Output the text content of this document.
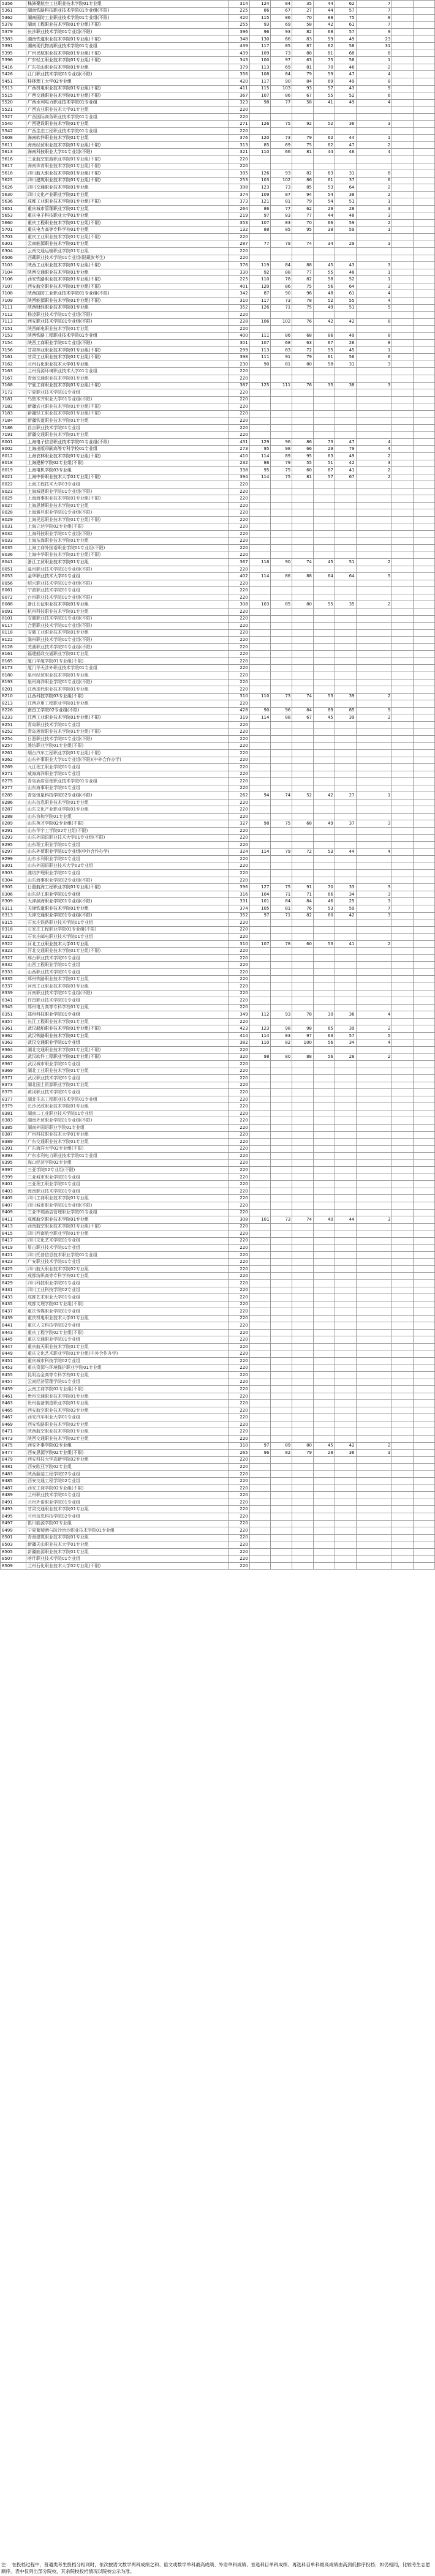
5356	株洲聚航空工业职业技术学院01专业组	314	124	84	35	44	62	7		
5361	湖南铁路科技职业技术学院01专业组(不限)	225	86	67	27	44	57	7		
5362	湖南国防工业职业技术学院01专业组(不限)	420	115	86	70	88	75	8		
5378	湖南工程职业技术学院01专业组(不限)	255	93	69	58	42	61	7		
5379	长沙职业技术学院01专业组(不限)	396	96	93	82	68	57	9		
5383	湖南铁道职业技术学院01专业组(不限)	348	130	66	83	59	49	23		
5391	湖南现代物流职业技术学院01专业组	439	117	85	87	62	58	31		
5395	广州民航职业技术学院01专业组(不限)	439	109	73	88	81	68	8		
5396	广东轻工职业技术学院01专业组(不限)	343	100	97	63	75	56	1		
5416	广东松山职业技术学院01专业组	379	113	69	81	70	46	2		
5426	江门职业技术学院01专业组(不限)	356	108	84	79	59	47	4		
5451	桂林理工大学02专业组	420	117	90	84	69	49	8		
5513	广西机电职业技术学院01专业组(不限)	411	115	103	93	57	43	9		
5515	广西交通职业技术学院01专业组(不限)	367	107	86	67	55	52	6		
5520	广西水利电力职业技术学院01专业组	323	98	77	58	41	49	4		
5521	广西农业职业技术大学01专业组	220								
5527	广西国际商务职业技术学院01专业组	220								
5540	广西建设职业技术学院01专业组	271	126	75	92	52	36	3		
5542	广西生态工程职业技术学院01专业组	220								
5608	海南软件职业技术学院01专业组	376	120	73	79	62	44	1		
5611	海南经贸职业技术学院01专业组(不限)	313	85	69	75	62	47	2		
5613	海南科技职业大学01专业组(不限)	321	110	66	81	44	46	4		
5616	三亚航空旅游职业学院01专业组(不限)	220								
5617	海南体育职业技术学院01专业组(不限)	220								
5618	四川航天职业技术学院01专业组(不限)	395	126	93	82	63	31	8		
5625	四川建筑职业技术学院01专业组(不限)	253	103	102	86	61	37	6		
5626	四川交通职业技术学院01专业组	398	123	73	85	53	64	2		
5630	四川文化产业职业学院01专业组	374	109	87	94	54	38	2		
5636	成都工业职业技术学院01专业组(不限)	373	121	81	79	54	51	1		
5651	重庆城市管理职业学院01专业组	264	86	77	62	29	28	3		
5653	重庆电子科技职业大学01专业组	219	97	83	77	44	48	3		
5660	重庆工程职业技术学院01专业组(不限)	353	107	83	70	66	59	2		
5701	重庆电力高等专科学校01专业组	132	88	85	95	38	59	1		
5703	重庆工业职业技术学院01专业组(不限)	220								
6301	云南能源职业技术学院01专业组	287	77	79	74	34	29	3		
6304	云南交通运输职业学院01专业组	220								
6506	西藏职业技术学院01专业组(限藏族考生)	220								
7103	陕西工业职业技术学院01专业组(不限)	376	119	84	88	45	43	3		
7104	陕西交通职业技术学院01专业组	330	92	88	77	55	48	1		
7106	西安铁路职业技术学院01专业组(不限)	225	110	78	82	58	52	1		
7107	西安航空职业技术学院01专业组(不限)	401	120	86	75	56	64	3		
7108	陕西国防工业职业技术学院01专业组(不限)	342	87	90	96	48	61	4		
7109	陕西能源职业技术学院01专业组(不限)	310	117	73	78	52	55	4		
7111	陕西财经职业技术学院01专业组	352	126	71	75	49	51	5		
7112	杨凌职业技术学院01专业组(不限)	220								
7113	西安职业技术学院01专业组(不限)	228	106	102	76	42	42	8		
7151	陕西邮电职业技术学院01专业组	220								
7153	陕西铁路工程职业技术学院01专业组	400	111	86	68	86	49	8		
7154	陕西工商职业学院01专业组(不限)	301	107	68	63	67	26	8		
7156	甘肃林业职业技术学院01专业组(不限)	299	113	83	72	55	45	1		
7161	甘肃工业职业技术学院01专业组(不限)	398	111	91	79	61	56	6		
7162	兰州石化职业技术大学01专业组	230	90	81	80	58	31	3		
7163	兰州资源环境职业技术大学01专业组	220								
7167	青海交通职业技术学院01专业组	220								
7168	宁夏工商职业技术学院01专业组(不限)	387	125	111	76	35	38	3		
7172	宁夏职业技术学院01专业组	220								
7181	乌鲁木齐职业大学01专业组(不限)	220								
7182	新疆农业职业技术学院01专业组(不限)	220								
7183	新疆轻工职业技术学院01专业组(不限)	220								
7184	新疆铁道职业技术学院01专业组	220								
7186	昌吉职业技术学院01专业组	220								
7191	新疆交通职业技术学院01专业组	220								
8001	上海电子信息职业技术学院01专业组(不限)	431	129	96	86	73	47	4		
8002	上海出版印刷高等专科学校01专业组	273	95	98	66	29	79	4		
8012	上海农林职业技术学院01专业组(不限)	410	114	89	95	63	49	2		
8018	上海建桥学院02专业组(不限)	232	86	79	55	51	42	3		
8019	上海电机学院03专业组	338	95	75	60	67	41	2		
8021	上海中侨职业技术大学01专业组(不限)	394	114	75	81	57	67	2		
8022	上海工程技术大学03专业组	220								
8023	上海城建职业学院01专业组(不限)	220								
8025	上海海事职业技术学院01专业组(不限)	220								
8027	上海思博职业技术学院01专业组	220								
8028	上海震旦职业学院01专业组(不限)	220								
8029	上海民远职业技术学院01专业组(不限)	220								
8031	上海立达学院02专业组(不限)	220								
8032	上海科技职业学院01专业组(不限)	220								
8033	上海东海职业技术学院01专业组	220								
8035	上海工商外国语职业学院01专业组(不限)	220								
8036	上海中华职业技术学院01专业组(不限)	220								
8041	浙江工贸职业技术学院01专业组	367	116	90	74	45	51	2		
8051	温州职业技术学院01专业组(不限)	220								
8053	金华职业技术大学01专业组	402	114	86	88	64	64	5		
8056	绍兴职业技术学院01专业组(不限)	220								
8061	宁波职业技术学院01专业组	220								
8072	台州职业技术学院01专业组(不限)	220								
8088	浙江长征职业技术学院01专业组	308	103	85	80	55	35	2		
8091	杭州科技职业技术学院01专业组	220								
8101	安徽职业技术学院01专业组(不限)	220								
8117	合肥职业技术学院01专业组(不限)	220								
8118	安徽工业职业技术学院01专业组	220								
8122	滁州职业技术学院01专业组(不限)	220								
8128	芜湖职业技术学院01专业组(不限)	220								
8161	福建船政交通职业学院01专业组	220								
8165	厦门华厦学院01专业组(不限)	220								
8173	厦门华天涉外职业技术学院01专业组	220								
8180	泉州经贸职业技术学院01专业组	220								
8193	泉州海洋职业学院01专业组(不限)	220								
8201	江西现代职业技术学院01专业组	220								
8210	江西科技学院03专业组(不限)	310	110	73	74	53	39	2		
8213	江西应用工程职业学院01专业组	220								
8226	南昌工学院02专业组(不限)	428	90	96	84	89	85	9		
8233	江西工业职业技术学院01专业组(不限)	319	114	88	67	45	39	2		
8251	青岛职业技术学院01专业组	220								
8252	青岛港湾职业技术学院01专业组(不限)	220								
8254	日照职业技术学院01专业组(不限)	220								
8257	潍坊职业学院01专业组(不限)	220								
8261	烟台汽车工程职业学院01专业组(不限)	220								
8262	山东外事职业大学01专业组(不限)(中外合作办学)	220								
8269	九江理工职业学院01专业组	220								
8271	威海海洋职业学院01专业组	220								
8275	青岛酒店管理职业技术学院01专业组	220								
8277	山东海事职业学院01专业组	220								
8285	青岛恒星科技学院02专业组(不限)	262	94	74	52	42	27	1		
8286	山东信息职业技术学院01专业组	220								
8287	山东文化产业职业学院01专业组	220								
8288	山东协和学院01专业组	220								
8289	山东英才学院02专业组(不限)	327	98	75	68	49	37	3		
8291	山东华宇工学院02专业组(不限)	220								
8293	山东外国语职业技术大学01专业组(不限)	220								
8295	山东理工职业学院01专业组	220								
8297	山东外贸职业学院01专业组(中外合作办学)	324	114	79	72	53	44	4		
8299	山东水利职业学院01专业组	220								
8301	山东外国语职业技术大学02专业组	220								
8303	潍坊护理职业学院01专业组	220								
8304	山东海事职业学院02专业组(不限)	220								
8305	日照航海工程职业学院01专业组(不限)	396	127	75	91	70	33	3		
8306	山东轻工职业学院01专业组	316	104	71	71	66	34	3		
8309	天津滨海职业学院01专业组(不限)	331	101	84	84	46	25	3		
8311	天津铁道职业技术学院01专业组	374	105	81	76	53	59	7		
8313	天津交通职业学院01专业组(不限)	352	97	71	82	60	42	3		
8315	石家庄铁路职业技术学院01专业组	220								
8318	石家庄工程职业学院01专业组(不限)	220								
8321	石家庄邮电职业技术学院01专业组	220								
8322	河北工业职业技术大学01专业组	310	107	78	60	53	41	2		
8323	河北交通职业技术学院01专业组(不限)	220								
8327	邢台职业技术学院01专业组	220								
8332	山西工程职业学院01专业组	220								
8333	山西职业技术学院01专业组	220								
8335	郑州铁路职业技术学院01专业组	220								
8337	河南工业职业技术学院01专业组	220								
8339	河南职业技术学院01专业组(不限)	220								
8341	许昌职业技术学院01专业组	220								
8345	郑州电力高等专科学校01专业组	220								
8351	郑州科技职业学院01专业组	349	112	93	78	30	36	4		
8357	长江工程职业技术学院01专业组	220								
8361	武汉船舶职业技术学院01专业组(不限)	423	123	98	98	65	39	2		
8362	武汉铁路职业技术学院01专业组	414	114	83	97	63	57	5		
8363	武汉交通职业学院01专业组	382	110	82	100	56	34	4		
8364	湖北交通职业技术学院01专业组(不限)	220								
8365	武汉软件工程职业学院01专业组(不限)	320	98	80	88	56	28	2		
8367	武汉城市职业学院01专业组	220								
8369	湖北工业职业技术学院01专业组	220								
8371	武汉职业技术学院01专业组	220								
8373	湖北国土资源职业学院01专业组	220								
8375	黄冈职业技术学院01专业组	220								
8377	湖北生态工程职业技术学院01专业组	220								
8379	长沙民政职业技术学院01专业组	220								
8381	湖南二工业职业技术学院01专业组	220								
8383	湖南外贸职业学院01专业组(不限)	220								
8385	湖南外国语职业学院01专业组	220								
8387	广州科技职业技术大学01专业组	220								
8389	广东交通职业技术学院01专业组	220								
8391	广东海洋大学02专业组(不限)	220								
8393	广东水利电力职业技术学院01专业组	220								
8395	海口经济学院02专业组	220								
8397	三亚学院02专业组(不限)	220								
8399	三亚城市职业学院01专业组	220								
8401	三亚理工职业学院01专业组	220								
8403	海南职业技术学院01专业组	220								
8405	四川工商职业技术学院01专业组	220								
8407	四川城市职业学院01专业组(不限)	220								
8409	三亚中瑞酒店管理职业学院01专业组	220								
8411	成都航空职业技术学院01专业组	308	101	73	74	40	44	3		
8413	西南航空职业技术学院01专业组(不限)	220								
8415	四川西南航空职业学院01专业组	220								
8417	四川文化艺术学院01专业组	220								
8419	眉山职业技术学院01专业组	220								
8421	四川托普信息技术职业学院01专业组	220								
8423	广安职业技术学院01专业组	220								
8425	四川航天职业技术学院02专业组	220								
8427	成都纺织高等专科学校01专业组	220								
8429	四川科技职业学院01专业组	220								
8431	四川工业科技学院02专业组	220								
8433	成都艺术职业大学01专业组	220								
8435	成都文理学院02专业组(不限)	220								
8437	重庆传媒职业学院01专业组	220								
8439	重庆机电职业技术大学01专业组	220								
8441	重庆人文科技学院02专业组	220								
8443	重庆工程学院02专业组(不限)	220								
8445	重庆交通职业学院01专业组	220								
8447	重庆航天职业技术学院01专业组	220								
8449	重庆文化艺术职业学院01专业组(中外合作办学)	220								
8451	重庆城市科技学院02专业组	220								
8453	重庆资源与环境保护职业学院01专业组	220								
8455	昆明冶金高等专科学校01专业组	220								
8457	云南经济管理学院01专业组	220								
8459	云南工商学院02专业组(不限)	220								
8461	贵州交通职业技术学院01专业组	220								
8463	贵州装备制造职业学院01专业组	220								
8465	西安航空职业技术学院02专业组	220								
8467	西安汽车职业大学01专业组	220								
8469	西安铁路职业技术学院02专业组	220								
8471	陕西航空职业技术学院01专业组	220								
8473	陕西交通职业技术学院02专业组	220								
8475	西安外事学院02专业组	310	97	89	80	45	42	2		
8477	西安思源学院02专业组(不限)	265	96	82	79	28	36	3		
8479	西安科技大学高新学院02专业组	220								
8481	西安欧亚学院02专业组	220								
8483	陕西服装工程学院02专业组	220								
8485	西安交通工程学院02专业组	220								
8487	西安工商学院02专业组(不限)	220								
8489	兰州职业技术学院01专业组	220								
8491	兰州外语职业学院01专业组	220								
8493	甘肃交通职业技术学院01专业组	220								
8495	兰州信息科技学院02专业组	220								
8497	银川能源学院02专业组	220								
8499	宁夏葡萄酒与防沙治沙职业技术学院01专业组	220								
8501	青海建筑职业技术学院01专业组	220								
8503	新疆天山职业技术大学01专业组	220								
8505	新疆能源职业技术学院01专业组	220								
8507	喀什职业技术学院01专业组	220								
8509	兰州石化职业技术大学02专业组(不限)	220								
注： 在投档过程中，普通类考生投档分相同时，依次按语文数学两科成绩之和、语文或数学单科最高成绩、外语单科成绩、首选科目单科成绩、再选科目单科最高成绩由高到低排序投档；如仍相同，比较考生志愿顺序。表中仅列出部分院校，其余院校投档情况以院校公示为准。
